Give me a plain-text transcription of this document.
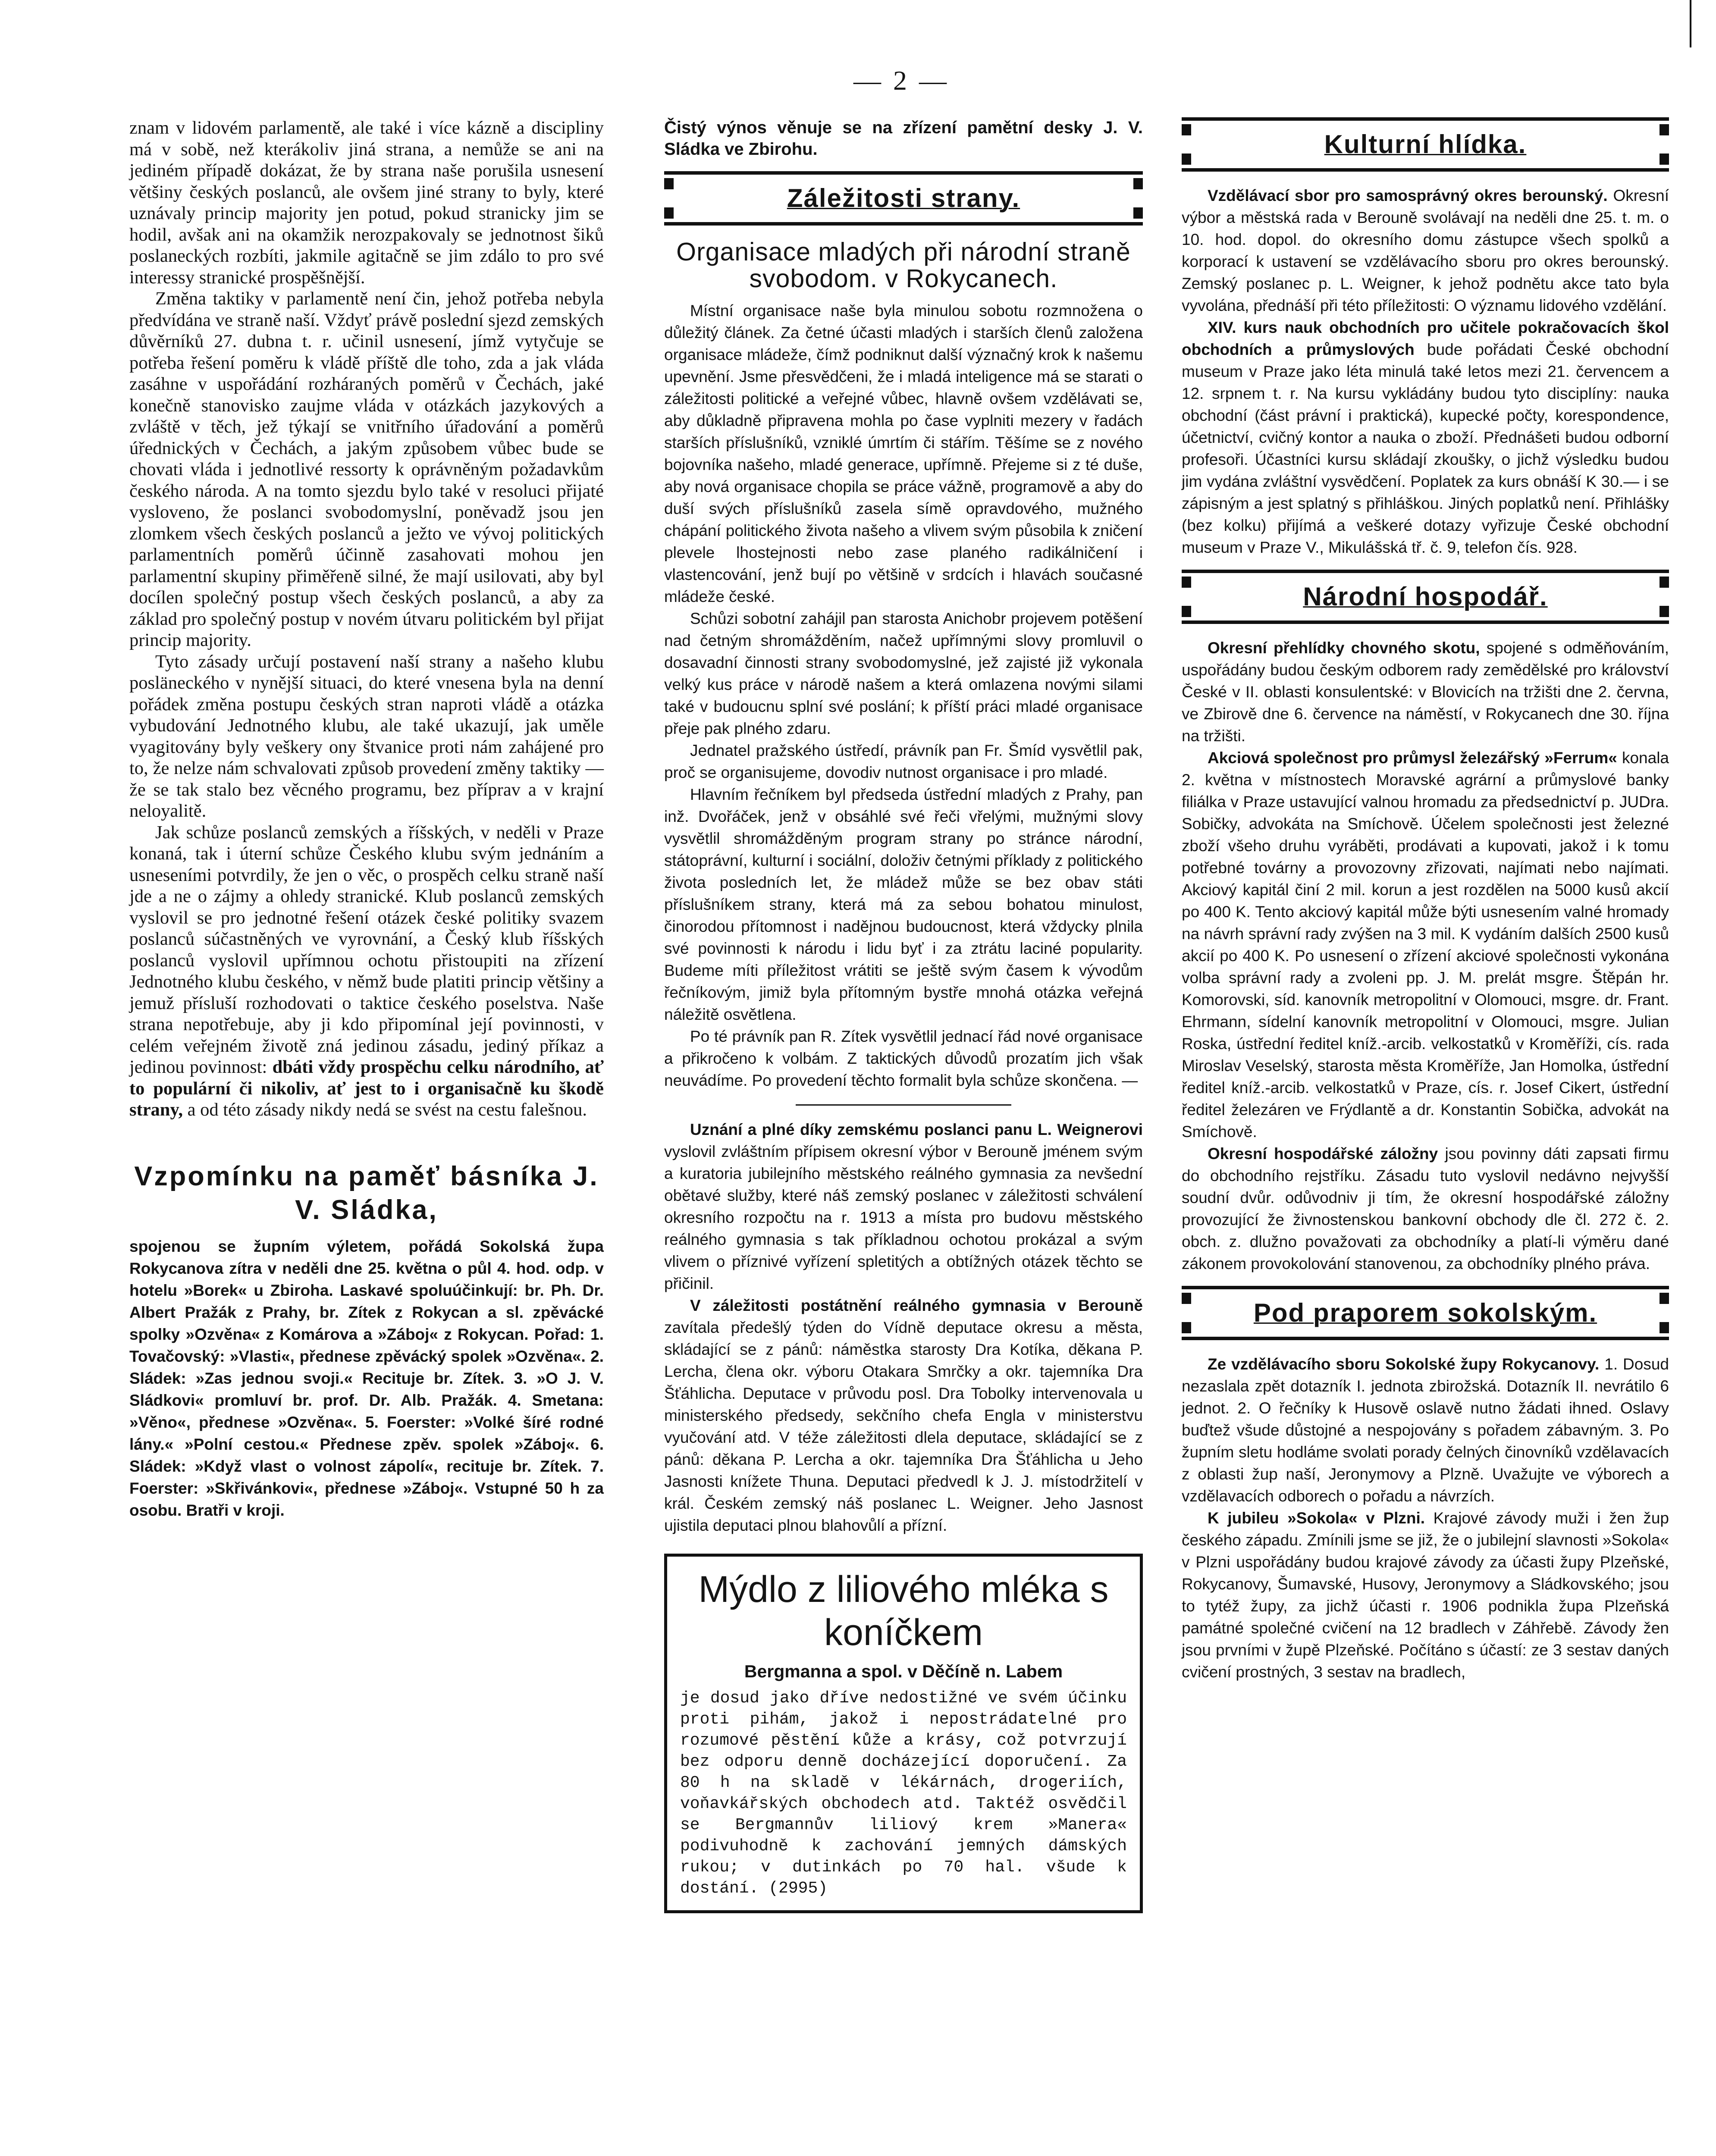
— 2 —

znam v lidovém parlamentě, ale také i více kázně a discipliny má v sobě, než kterákoliv jiná strana, a nemůže se ani na jediném případě dokázat, že by strana naše porušila usnesení většiny českých poslanců, ale ovšem jiné strany to byly, které uznávaly princip majority jen potud, pokud stranicky jim se hodil, avšak ani na okamžik nerozpakovaly se jednotnost šiků poslaneckých rozbíti, jakmile agitačně se jim zdálo to pro své interessy stranické prospěšnější.

Změna taktiky v parlamentě není čin, jehož potřeba nebyla předvídána ve straně naší. Vždyť právě poslední sjezd zemských důvěrníků 27. dubna t. r. učinil usnesení, jímž vytyčuje se potřeba řešení poměru k vládě příště dle toho, zda a jak vláda zasáhne v uspořádání rozháraných poměrů v Čechách, jaké konečně stanovisko zaujme vláda v otázkách jazykových a zvláště v těch, jež týkají se vnitřního úřadování a poměrů úřednických v Čechách, a jakým způsobem vůbec bude se chovati vláda i jednotlivé ressorty k oprávněným požadavkům českého národa. A na tomto sjezdu bylo také v resoluci přijaté vysloveno, že poslanci svobodomyslní, poněvadž jsou jen zlomkem všech českých poslanců a ježto ve vývoj politických parlamentních poměrů účinně zasahovati mohou jen parlamentní skupiny přiměřeně silné, že mají usilovati, aby byl docílen společný postup všech českých poslanců, a aby za základ pro společný postup v novém útvaru politickém byl přijat princip majority.

Tyto zásady určují postavení naší strany a našeho klubu posläneckého v nynější situaci, do které vnesena byla na denní pořádek změna postupu českých stran naproti vládě a otázka vybudování Jednotného klubu, ale také ukazují, jak uměle vyagitovány byly veškery ony štvanice proti nám zahájené pro to, že nelze nám schvalovati způsob provedení změny taktiky — že se tak stalo bez věcného programu, bez příprav a v krajní neloyalitě.

Jak schůze poslanců zemských a říšských, v neděli v Praze konaná, tak i úterní schůze Českého klubu svým jednáním a usneseními potvrdily, že jen o věc, o prospěch celku straně naší jde a ne o zájmy a ohledy stranické. Klub poslanců zemských vyslovil se pro jednotné řešení otázek české politiky svazem poslanců súčastněných ve vyrovnání, a Český klub říšských poslanců vyslovil upřímnou ochotu přistoupiti na zřízení Jednotného klubu českého, v němž bude platiti princip většiny a jemuž přísluší rozhodovati o taktice českého poselstva. Naše strana nepotřebuje, aby ji kdo připomínal její povinnosti, v celém veřejném životě zná jedinou zásadu, jediný příkaz a jedinou povinnost: dbáti vždy prospěchu celku národního, ať to populární či nikoliv, ať jest to i organisačně ku škodě strany, a od této zásady nikdy nedá se svést na cestu falešnou.

Vzpomínku na paměť básníka J. V. Sládka,

spojenou se župním výletem, pořádá Sokolská župa Rokycanova zítra v neděli dne 25. května o půl 4. hod. odp. v hotelu »Borek« u Zbiroha. Laskavé spoluúčinkují: br. Ph. Dr. Albert Pražák z Prahy, br. Zítek z Rokycan a sl. zpěvácké spolky »Ozvěna« z Komárova a »Záboj« z Rokycan. Pořad: 1. Tovačovský: »Vlasti«, přednese zpěvácký spolek »Ozvěna«. 2. Sládek: »Zas jednou svoji.« Recituje br. Zítek. 3. »O J. V. Sládkovi« promluví br. prof. Dr. Alb. Pražák. 4. Smetana: »Věno«, přednese »Ozvěna«. 5. Foerster: »Volké šíré rodné lány.« »Polní cestou.« Přednese zpěv. spolek »Záboj«. 6. Sládek: »Když vlast o volnost zápolí«, recituje br. Zítek. 7. Foerster: »Skřivánkovi«, přednese »Záboj«. Vstupné 50 h za osobu. Bratři v kroji.

Čistý výnos věnuje se na zřízení pamětní desky J. V. Sládka ve Zbirohu.

Záležitosti strany.
Organisace mladých při národní straně svobodom. v Rokycanech.

Místní organisace naše byla minulou sobotu rozmnožena o důležitý článek. Za četné účasti mladých i starších členů založena organisace mládeže, čímž podniknut další význačný krok k našemu upevnění. Jsme přesvědčeni, že i mladá inteligence má se starati o záležitosti politické a veřejné vůbec, hlavně ovšem vzdělávati se, aby důkladně připravena mohla po čase vyplniti mezery v řadách starších příslušníků, vzniklé úmrtím či stářím. Těšíme se z nového bojovníka našeho, mladé generace, upřímně. Přejeme si z té duše, aby nová organisace chopila se práce vážně, programově a aby do duší svých příslušníků zasela símě opravdového, mužného chápání politického života našeho a vlivem svým působila k zničení plevele lhostejnosti nebo zase planého radikálničení i vlastencování, jenž bují po většině v srdcích i hlavách současné mládeže české.

Schůzi sobotní zahájil pan starosta Anichobr projevem potěšení nad četným shromážděním, načež upřímnými slovy promluvil o dosavadní činnosti strany svobodomyslné, jež zajisté již vykonala velký kus práce v národě našem a která omlazena novými silami také v budoucnu splní své poslání; k příští práci mladé organisace přeje pak plného zdaru.

Jednatel pražského ústředí, právník pan Fr. Šmíd vysvětlil pak, proč se organisujeme, dovodiv nutnost organisace i pro mladé.

Hlavním řečníkem byl předseda ústřední mladých z Prahy, pan inž. Dvořáček, jenž v obsáhlé své řeči vřelými, mužnými slovy vysvětlil shromážděným program strany po stránce národní, státoprávní, kulturní i sociální, doloživ četnými příklady z politického života posledních let, že mládež může se bez obav státi příslušníkem strany, která má za sebou bohatou minulost, činorodou přítomnost i nadějnou budoucnost, která vždycky plnila své povinnosti k národu i lidu byť i za ztrátu laciné popularity. Budeme míti příležitost vrátiti se ještě svým časem k vývodům řečníkovým, jimiž byla přítomným bystře mnohá otázka veřejná náležitě osvětlena.

Po té právník pan R. Zítek vysvětlil jednací řád nové organisace a přikročeno k volbám. Z taktických důvodů prozatím jich však neuvádíme. Po provedení těchto formalit byla schůze skončena. —

Uznání a plné díky zemskému poslanci panu L. Weignerovi vyslovil zvláštním přípisem okresní výbor v Berouně jménem svým a kuratoria jubilejního městského reálného gymnasia za nevšední obětavé služby, které náš zemský poslanec v záležitosti schválení okresního rozpočtu na r. 1913 a místa pro budovu městského reálného gymnasia s tak příkladnou ochotou prokázal a svým vlivem o příznivé vyřízení spletitých a obtížných otázek těchto se přičinil.

V záležitosti postátnění reálného gymnasia v Berouně zavítala předešlý týden do Vídně deputace okresu a města, skládající se z pánů: náměstka starosty Dra Kotíka, děkana P. Lercha, člena okr. výboru Otakara Smrčky a okr. tajemníka Dra Šťáhlicha. Deputace v průvodu posl. Dra Tobolky intervenovala u ministerského předsedy, sekčního chefa Engla v ministerstvu vyučování atd. V téže záležitosti dlela deputace, skládající se z pánů: děkana P. Lercha a okr. tajemníka Dra Šťáhlicha u Jeho Jasnosti knížete Thuna. Deputaci předvedl k J. J. místodržitelí v král. Českém zemský náš poslanec L. Weigner. Jeho Jasnost ujistila deputaci plnou blahovůlí a přízní.

Mýdlo z liliového mléka s koníčkem
Bergmanna a spol. v Děčíně n. Labem
je dosud jako dříve nedostižné ve svém účinku proti pihám, jakož i nepostrádatelné pro rozumové pěstění kůže a krásy, což potvrzují bez odporu denně docházející doporučení. Za 80 h na skladě v lékárnách, drogeriích, voňavkářských obchodech atd. Taktéž osvědčil se Bergmannův liliový krem »Manera« podivuhodně k zachování jemných dámských rukou; v dutinkách po 70 hal. všude k dostání. (2995)
Kulturní hlídka.

Vzdělávací sbor pro samosprávný okres berounský. Okresní výbor a městská rada v Berouně svolávají na neděli dne 25. t. m. o 10. hod. dopol. do okresního domu zástupce všech spolků a korporací k ustavení se vzdělávacího sboru pro okres berounský. Zemský poslanec p. L. Weigner, k jehož podnětu akce tato byla vyvolána, přednáší při této příležitosti: O významu lidového vzdělání.

XIV. kurs nauk obchodních pro učitele pokračovacích škol obchodních a průmyslových bude pořádati České obchodní museum v Praze jako léta minulá také letos mezi 21. červencem a 12. srpnem t. r. Na kursu vykládány budou tyto disciplíny: nauka obchodní (část právní i praktická), kupecké počty, korespondence, účetnictví, cvičný kontor a nauka o zboží. Přednášeti budou odborní profesoři. Účastníci kursu skládají zkoušky, o jichž výsledku budou jim vydána zvláštní vysvědčení. Poplatek za kurs obnáší K 30.— i se zápisným a jest splatný s přihláškou. Jiných poplatků není. Přihlášky (bez kolku) přijímá a veškeré dotazy vyřizuje České obchodní museum v Praze V., Mikulášská tř. č. 9, telefon čís. 928.

Národní hospodář.

Okresní přehlídky chovného skotu, spojené s odměňováním, uspořádány budou českým odborem rady zemědělské pro království České v II. oblasti konsulentské: v Blovicích na tržišti dne 2. června, ve Zbirově dne 6. července na náměstí, v Rokycanech dne 30. října na tržišti.

Akciová společnost pro průmysl železářský »Ferrum« konala 2. května v místnostech Moravské agrární a průmyslové banky filiálka v Praze ustavující valnou hromadu za předsednictví p. JUDra. Sobičky, advokáta na Smíchově. Účelem společnosti jest železné zboží všeho druhu vyráběti, prodávati a kupovati, jakož i k tomu potřebné továrny a provozovny zřizovati, najímati nebo najímati. Akciový kapitál činí 2 mil. korun a jest rozdělen na 5000 kusů akcií po 400 K. Tento akciový kapitál může býti usnesením valné hromady na návrh správní rady zvýšen na 3 mil. K vydáním dalších 2500 kusů akcií po 400 K. Po usnesení o zřízení akciové společnosti vykonána volba správní rady a zvoleni pp. J. M. prelát msgre. Štěpán hr. Komorovski, síd. kanovník metropolitní v Olomouci, msgre. dr. Frant. Ehrmann, sídelní kanovník metropolitní v Olomouci, msgre. Julian Roska, ústřední ředitel kníž.-arcib. velkostatků v Kroměříži, cís. rada Miroslav Veselský, starosta města Kroměříže, Jan Homolka, ústřední ředitel kníž.-arcib. velkostatků v Praze, cís. r. Josef Cikert, ústřední ředitel železáren ve Frýdlantě a dr. Konstantin Sobička, advokát na Smíchově.

Okresní hospodářské záložny jsou povinny dáti zapsati firmu do obchodního rejstříku. Zásadu tuto vyslovil nedávno nejvyšší soudní dvůr. odůvodniv ji tím, že okresní hospodářské záložny provozující že živnostenskou bankovní obchody dle čl. 272 č. 2. obch. z. dlužno považovati za obchodníky a platí-li výměru dané zákonem provokolování stanovenou, za obchodníky plného práva.

Pod praporem sokolským.

Ze vzdělávacího sboru Sokolské župy Rokycanovy. 1. Dosud nezaslala zpět dotazník I. jednota zbirožská. Dotazník II. nevrátilo 6 jednot. 2. O řečníky k Husově oslavě nutno žádati ihned. Oslavy buďtež všude důstojné a nespojovány s pořadem zábavným. 3. Po župním sletu hodláme svolati porady čelných činovníků vzdělavacích z oblasti žup naší, Jeronymovy a Plzně. Uvažujte ve výborech a vzdělavacích odborech o pořadu a návrzích.

K jubileu »Sokola« v Plzni. Krajové závody muži i žen žup českého západu. Zmínili jsme se již, že o jubilejní slavnosti »Sokola« v Plzni uspořádány budou krajové závody za účasti župy Plzeňské, Rokycanovy, Šumavské, Husovy, Jeronymovy a Sládkovského; jsou to tytéž župy, za jichž účasti r. 1906 podnikla župa Plzeňská památné společné cvičení na 12 bradlech v Záhřebě. Závody žen jsou prvními v župě Plzeňské. Počítáno s účastí: ze 3 sestav daných cvičení prostných, 3 sestav na bradlech,
